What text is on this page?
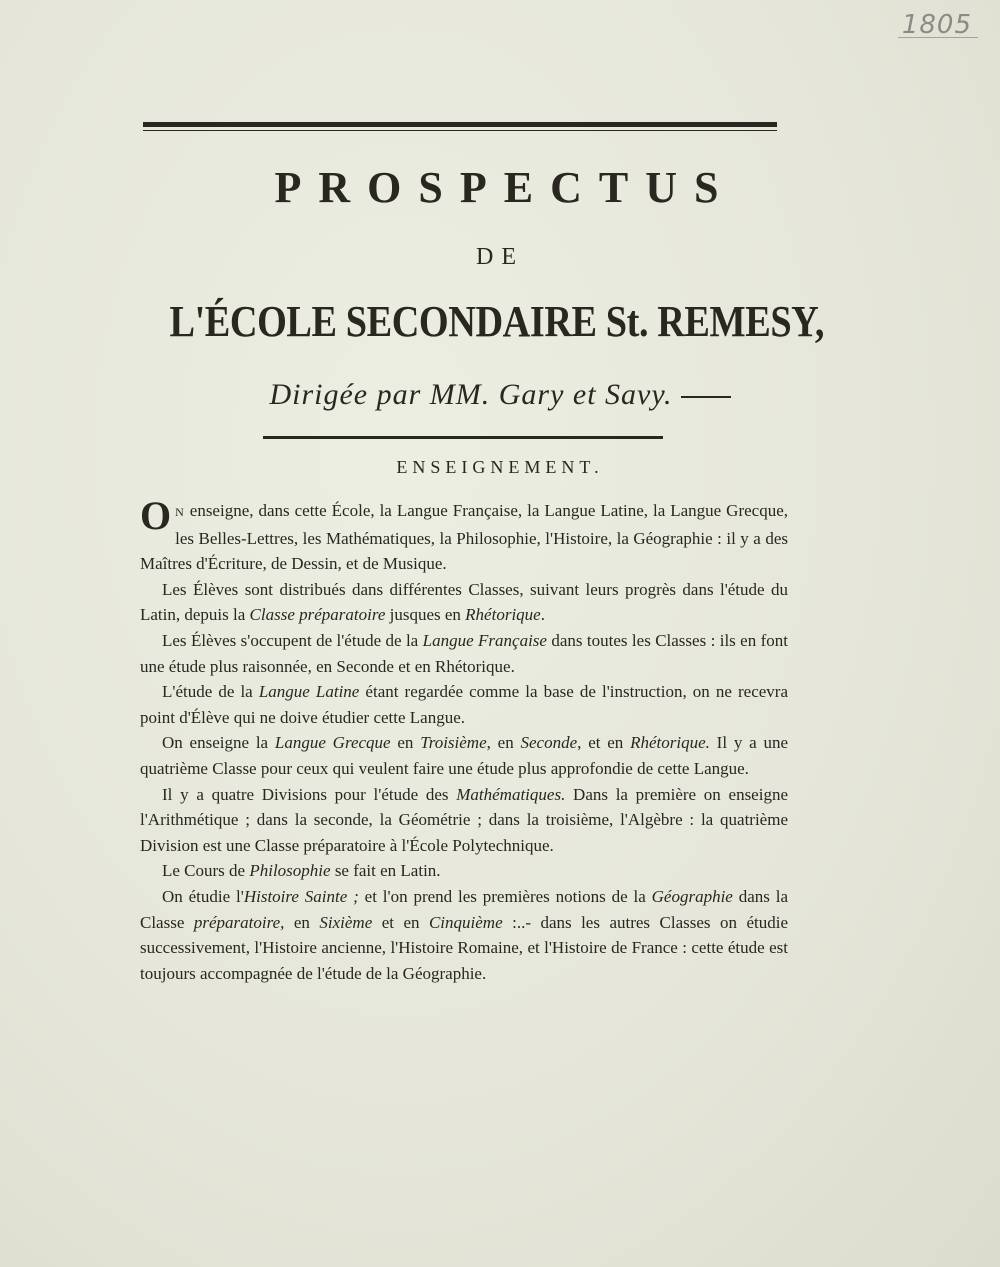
1805
PROSPECTUS
DE
L'ÉCOLE SECONDAIRE St. REMESY,
Dirigée par MM. Gary et Savy.
ENSEIGNEMENT.

O N enseigne, dans cette École, la Langue Française, la Langue Latine, la Langue Grecque, les Belles-Lettres, les Mathématiques, la Philosophie, l'Histoire, la Géographie : il y a des Maîtres d'Écriture, de Dessin, et de Musique.

Les Élèves sont distribués dans différentes Classes, suivant leurs progrès dans l'étude du Latin, depuis la Classe préparatoire jusques en Rhétorique.

Les Élèves s'occupent de l'étude de la Langue Française dans toutes les Classes : ils en font une étude plus raisonnée, en Seconde et en Rhétorique.

L'étude de la Langue Latine étant regardée comme la base de l'instruction, on ne recevra point d'Élève qui ne doive étudier cette Langue.

On enseigne la Langue Grecque en Troisième, en Seconde, et en Rhétorique. Il y a une quatrième Classe pour ceux qui veulent faire une étude plus approfondie de cette Langue.

Il y a quatre Divisions pour l'étude des Mathématiques. Dans la première on enseigne l'Arithmétique ; dans la seconde, la Géométrie ; dans la troisième, l'Algèbre : la quatrième Division est une Classe préparatoire à l'École Polytechnique.

Le Cours de Philosophie se fait en Latin.

On étudie l'Histoire Sainte ; et l'on prend les premières notions de la Géographie dans la Classe préparatoire, en Sixième et en Cinquième :..- dans les autres Classes on étudie successivement, l'Histoire ancienne, l'Histoire Romaine, et l'Histoire de France : cette étude est toujours accompagnée de l'étude de la Géographie.
